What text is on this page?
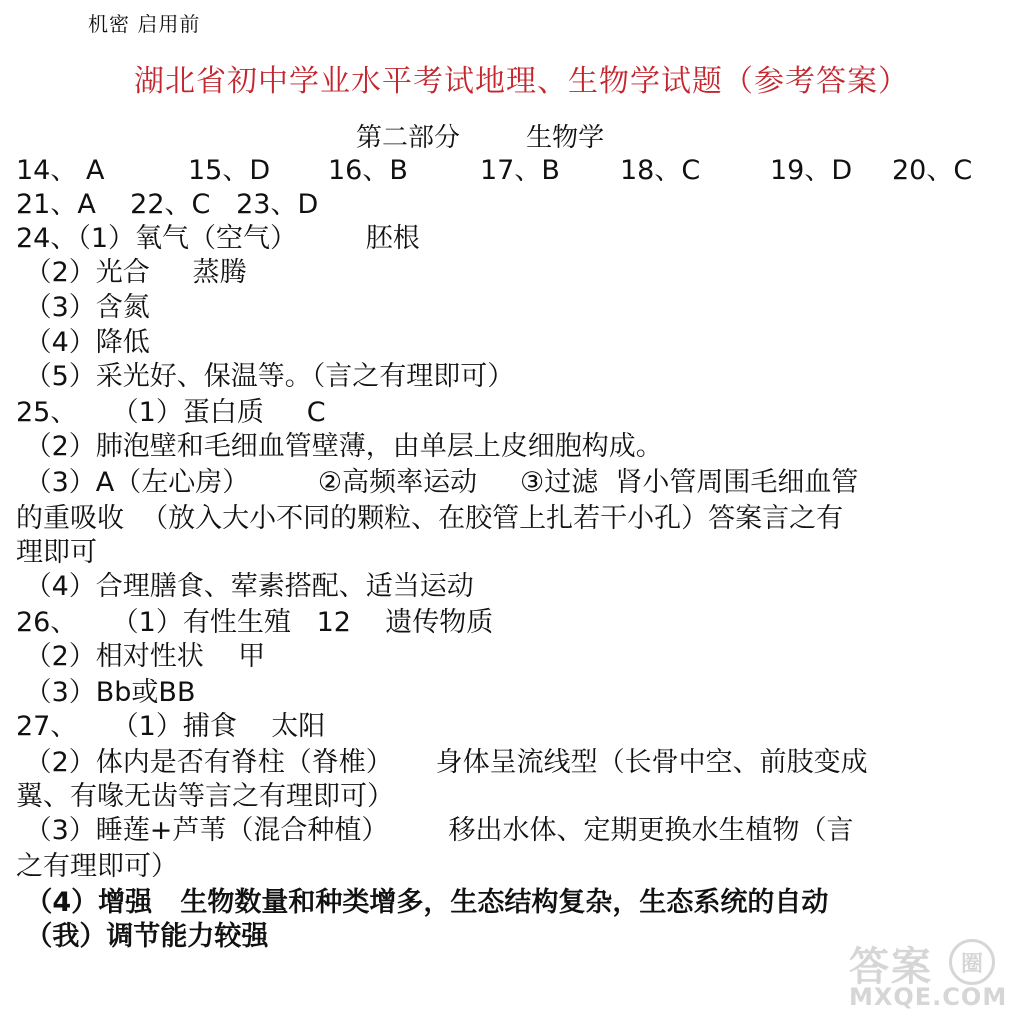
机密 启用前
湖北省初中学业水平考试地理、生物学试题（参考答案）
第二部分        生物学
14、 A	15、D 16、B	17、B 18、C	19、D 20、C
21、A    22、C   23、D
24、（1）氧气（空气）        胚根
（2）光合     蒸腾
（3）含氮
（4）降低
（5）采光好、保温等。（言之有理即可）
25、    （1）蛋白质     C
（2）肺泡壁和毛细血管壁薄，由单层上皮细胞构成。
（3）A（左心房）        ②高频率运动     ③过滤  肾小管周围毛细血管
的重吸收  （放入大小不同的颗粒、在胶管上扎若干小孔）答案言之有
理即可
（4）合理膳食、荤素搭配、适当运动
26、    （1）有性生殖   12    遗传物质
（2）相对性状    甲
（3）Bb或BB
27、    （1）捕食    太阳
（2）体内是否有脊柱（脊椎）     身体呈流线型（长骨中空、前肢变成
翼、有喙无齿等言之有理即可）
（3）睡莲+芦苇（混合种植）       移出水体、定期更换水生植物（言
之有理即可）
（4）增强   生物数量和种类增多，生态结构复杂，生态系统的自动
（我）调节能力较强
答案	圈
MXQE.COM
